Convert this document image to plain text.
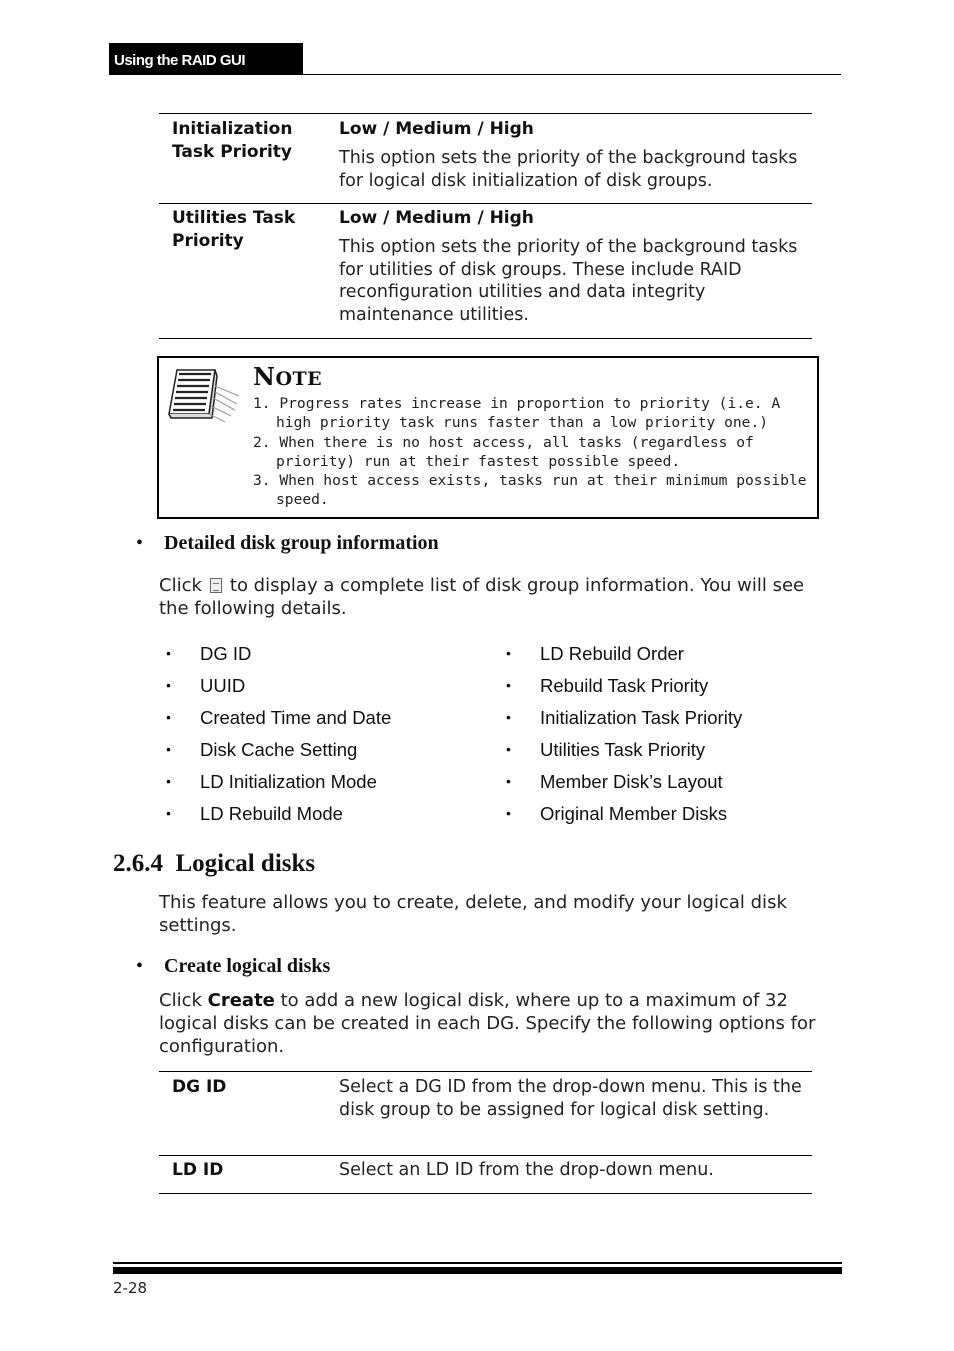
Using the RAID GUI
Initialization Task Priority
Low / Medium / High
This option sets the priority of the background tasks for logical disk initialization of disk groups.
Utilities Task Priority
Low / Medium / High
This option sets the priority of the background tasks for utilities of disk groups. These include RAID reconfiguration utilities and data integrity maintenance utilities.
NOTE
1. Progress rates increase in proportion to priority (i.e. A high priority task runs faster than a low priority one.)
2. When there is no host access, all tasks (regardless of priority) run at their fastest possible speed.
3. When host access exists, tasks run at their minimum possible speed.
• Detailed disk group information
Click to display a complete list of disk group information. You will see the following details.
• DG ID
• UUID
• Created Time and Date
• Disk Cache Setting
• LD Initialization Mode
• LD Rebuild Mode
• LD Rebuild Order
• Rebuild Task Priority
• Initialization Task Priority
• Utilities Task Priority
• Member Disk’s Layout
• Original Member Disks
2.6.4  Logical disks
This feature allows you to create, delete, and modify your logical disk settings.
• Create logical disks
Click Create to add a new logical disk, where up to a maximum of 32 logical disks can be created in each DG. Specify the following options for configuration.
DG ID	Select a DG ID from the drop-down menu. This is the disk group to be assigned for logical disk setting.
LD ID	Select an LD ID from the drop-down menu.
2-28
